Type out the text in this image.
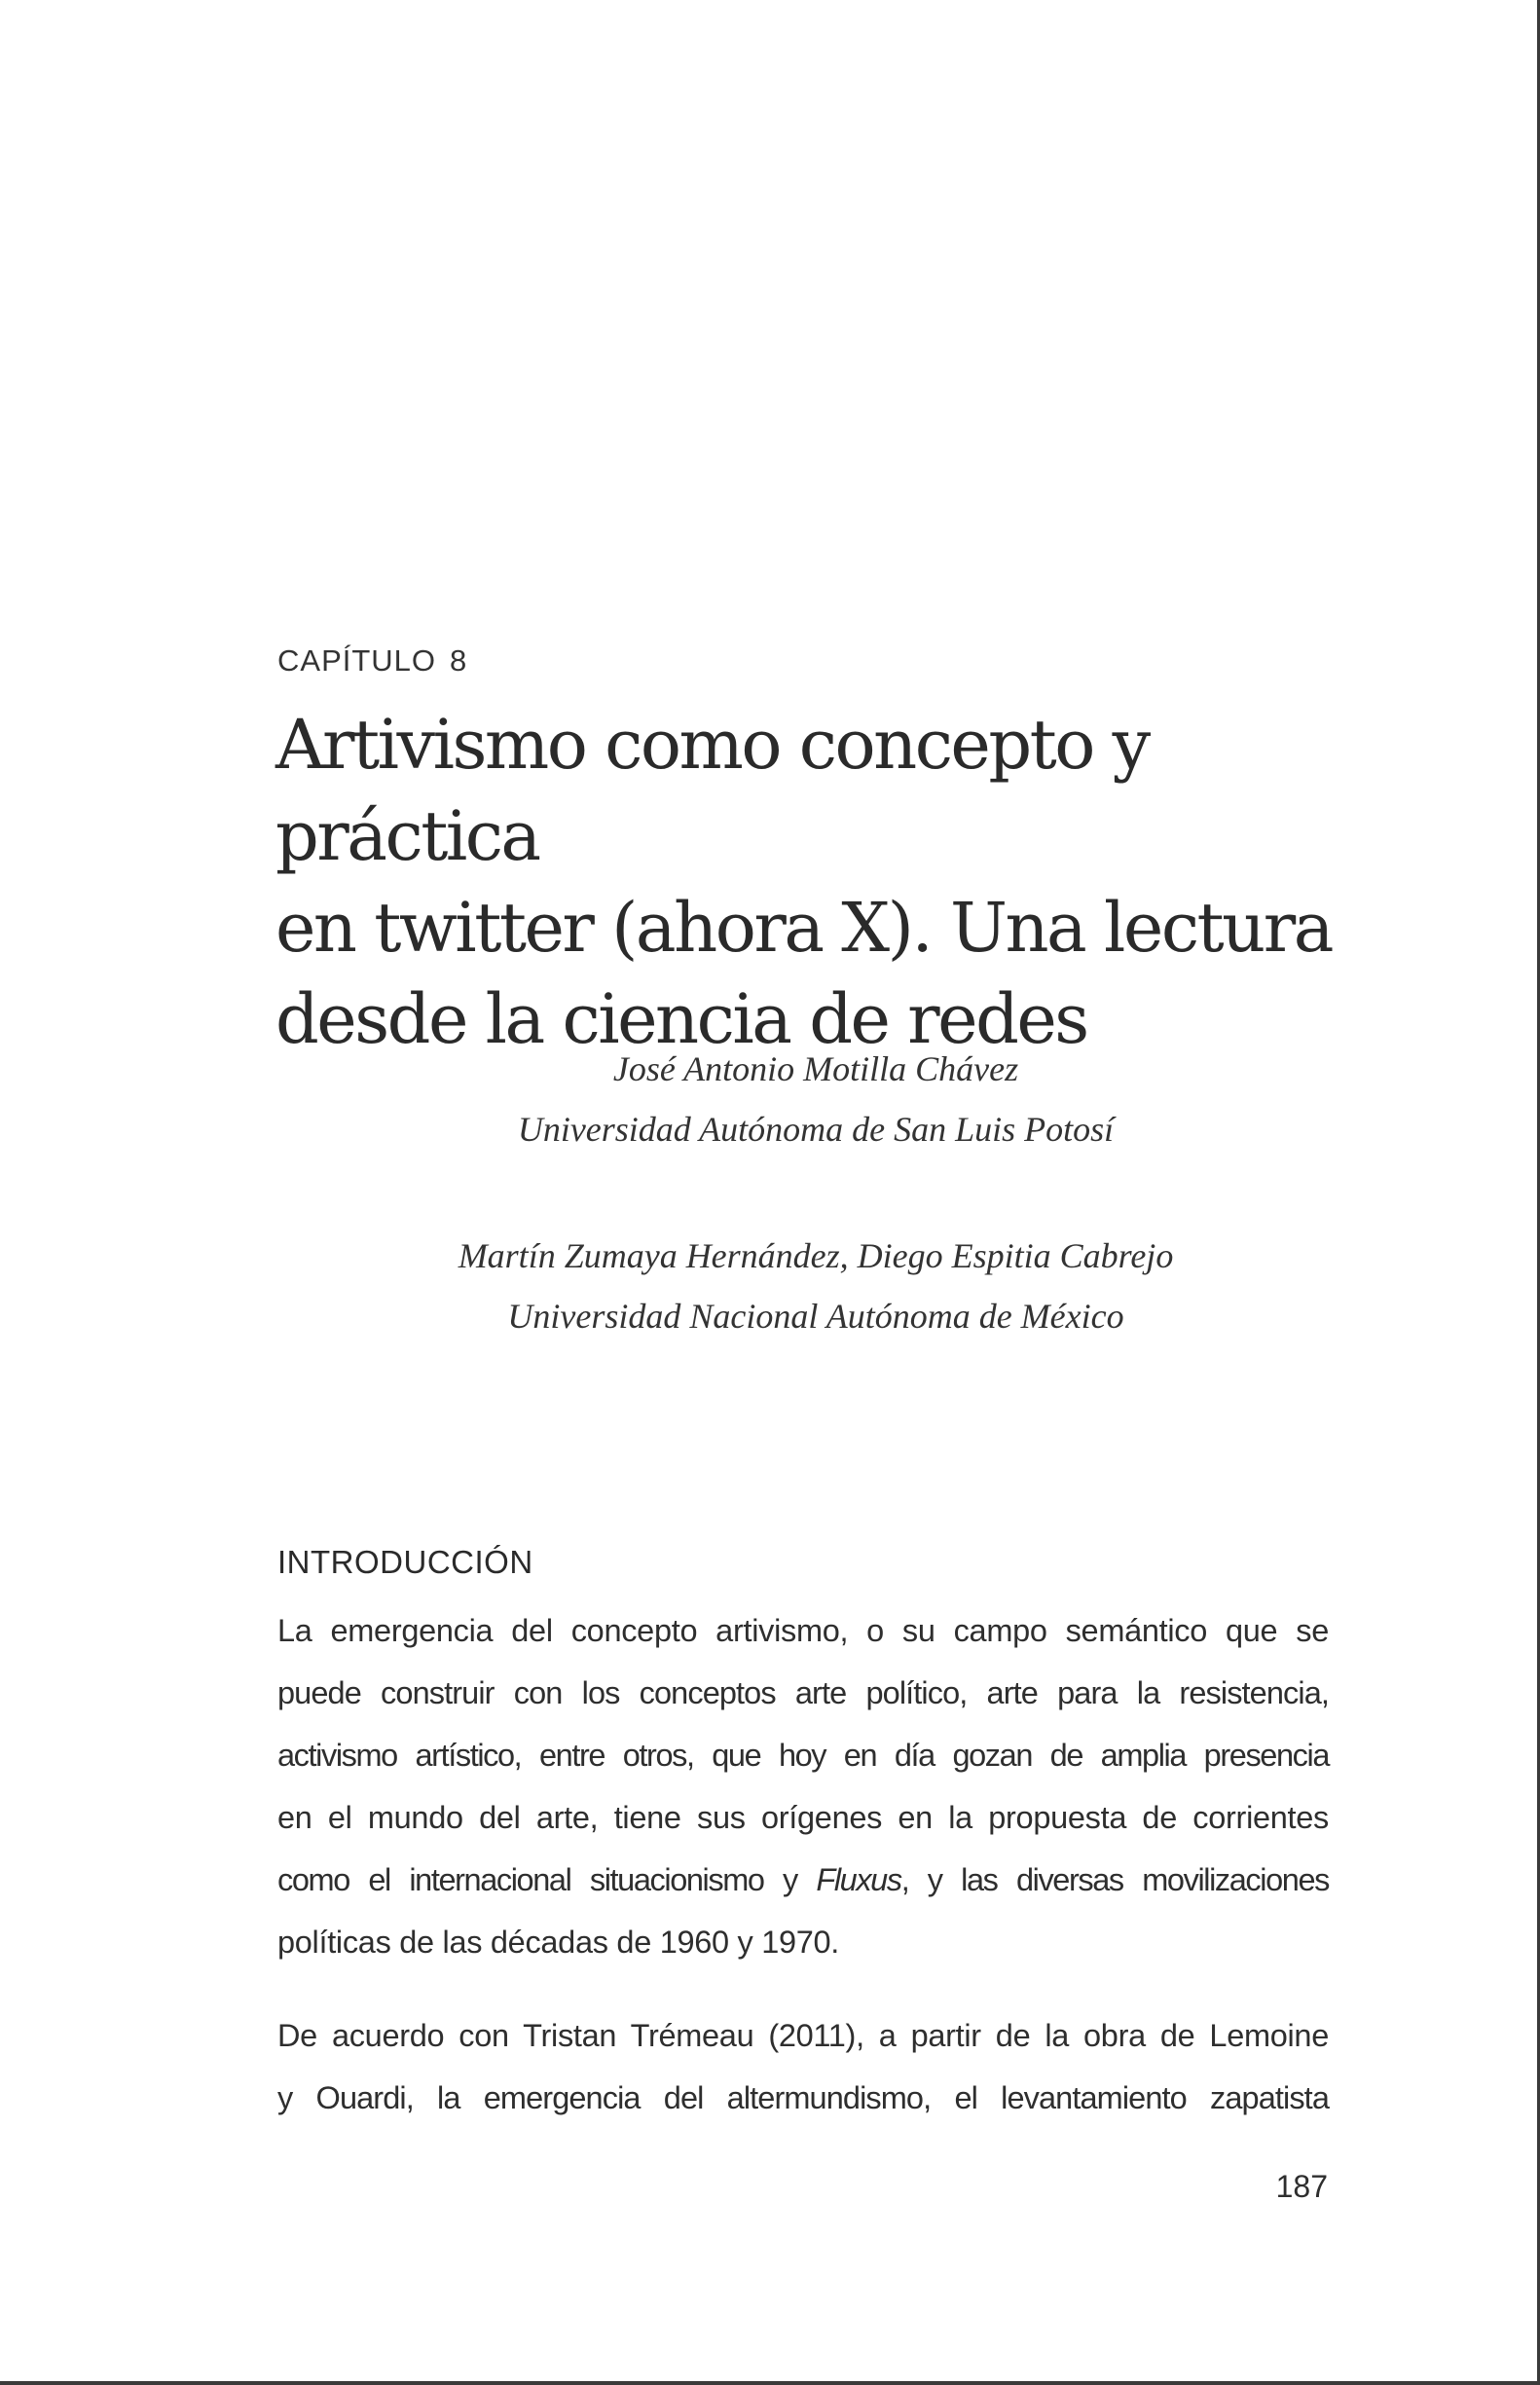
CAPÍTULO 8

Artivismo como concepto y práctica
en twitter (ahora X). Una lectura
desde la ciencia de redes
José Antonio Motilla Chávez
Universidad Autónoma de San Luis Potosí
Martín Zumaya Hernández, Diego Espitia Cabrejo
Universidad Nacional Autónoma de México
INTRODUCCIÓN

La emergencia del concepto artivismo, o su campo semántico que se
puede construir con los conceptos arte político, arte para la resistencia,
activismo artístico, entre otros, que hoy en día gozan de amplia presencia
en el mundo del arte, tiene sus orígenes en la propuesta de corrientes
como el internacional situacionismo y Fluxus, y las diversas movilizaciones
políticas de las décadas de 1960 y 1970.

De acuerdo con Tristan Trémeau (2011), a partir de la obra de Lemoine
y Ouardi, la emergencia del altermundismo, el levantamiento zapatista

187
